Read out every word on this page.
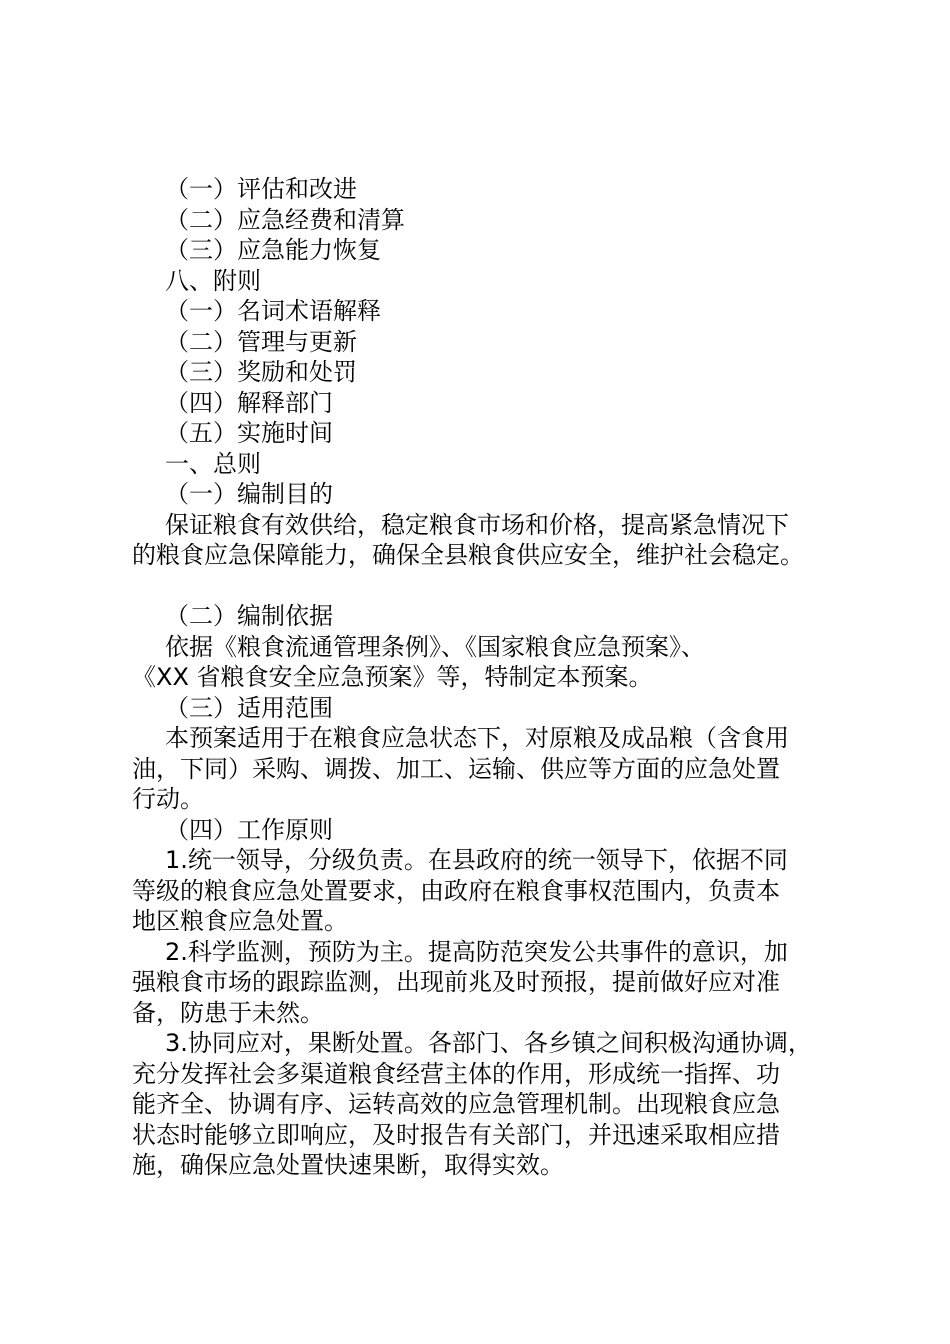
（一）评估和改进
（二）应急经费和清算
（三）应急能力恢复
八、附则
（一）名词术语解释
（二）管理与更新
（三）奖励和处罚
（四）解释部门
（五）实施时间
一、总则
（一）编制目的
保证粮食有效供给，稳定粮食市场和价格，提高紧急情况下
的粮食应急保障能力，确保全县粮食供应安全，维护社会稳定。
（二）编制依据
依据《粮食流通管理条例》、《国家粮食应急预案》、
《XX 省粮食安全应急预案》等，特制定本预案。
（三）适用范围
本预案适用于在粮食应急状态下，对原粮及成品粮（含食用
油，下同）采购、调拨、加工、运输、供应等方面的应急处置
行动。
（四）工作原则
1.统一领导，分级负责。在县政府的统一领导下，依据不同
等级的粮食应急处置要求，由政府在粮食事权范围内，负责本
地区粮食应急处置。
2.科学监测，预防为主。提高防范突发公共事件的意识，加
强粮食市场的跟踪监测，出现前兆及时预报，提前做好应对准
备，防患于未然。
3.协同应对，果断处置。各部门、各乡镇之间积极沟通协调，
充分发挥社会多渠道粮食经营主体的作用，形成统一指挥、功
能齐全、协调有序、运转高效的应急管理机制。出现粮食应急
状态时能够立即响应，及时报告有关部门，并迅速采取相应措
施，确保应急处置快速果断，取得实效。
